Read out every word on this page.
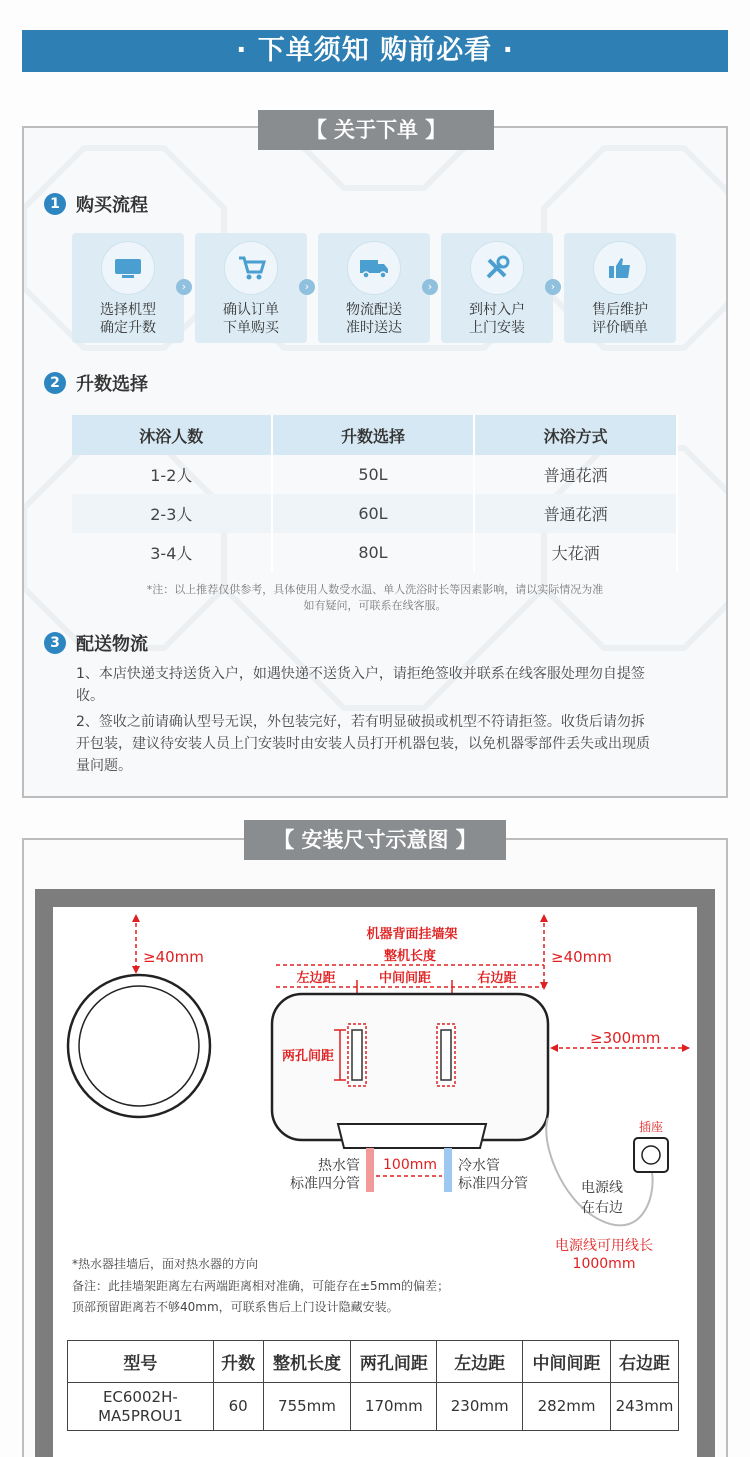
· 下单须知 购前必看 ·
【 关于下单 】
1 购买流程
选择机型
确定升数
›
确认订单
下单购买
›
物流配送
准时送达
›
到村入户
上门安装
›
售后维护
评价晒单
2 升数选择
沐浴人数	升数选择	沐浴方式
1-2人	50L	普通花洒
2-3人	60L	普通花洒
3-4人	80L	大花洒
*注：以上推荐仅供参考，具体使用人数受水温、单人洗浴时长等因素影响，请以实际情况为准
如有疑问，可联系在线客服。
3 配送物流
1、本店快递支持送货入户，如遇快递不送货入户，请拒绝签收并联系在线客服处理勿自提签收。
2、签收之前请确认型号无误，外包装完好，若有明显破损或机型不符请拒签。收货后请勿拆开包装，建议待安装人员上门安装时由安装人员打开机器包装，以免机器零部件丢失或出现质量问题。
【 安装尺寸示意图 】
≥40mm	≥40mm
机器背面挂墙架
整机长度
左边距	中间间距	右边距
两孔间距
≥300mm
100mm
热水管
标准四分管
冷水管
标准四分管
插座
电源线
在右边
电源线可用线长
1000mm
*热水器挂墙后，面对热水器的方向
备注：此挂墙架距离左右两端距离相对准确，可能存在±5mm的偏差；
顶部预留距离若不够40mm，可联系售后上门设计隐藏安装。
型号	升数	整机长度	两孔间距	左边距	中间间距	右边距

EC6002H-
MA5PROU1	60	755mm	170mm	230mm	282mm	243mm
